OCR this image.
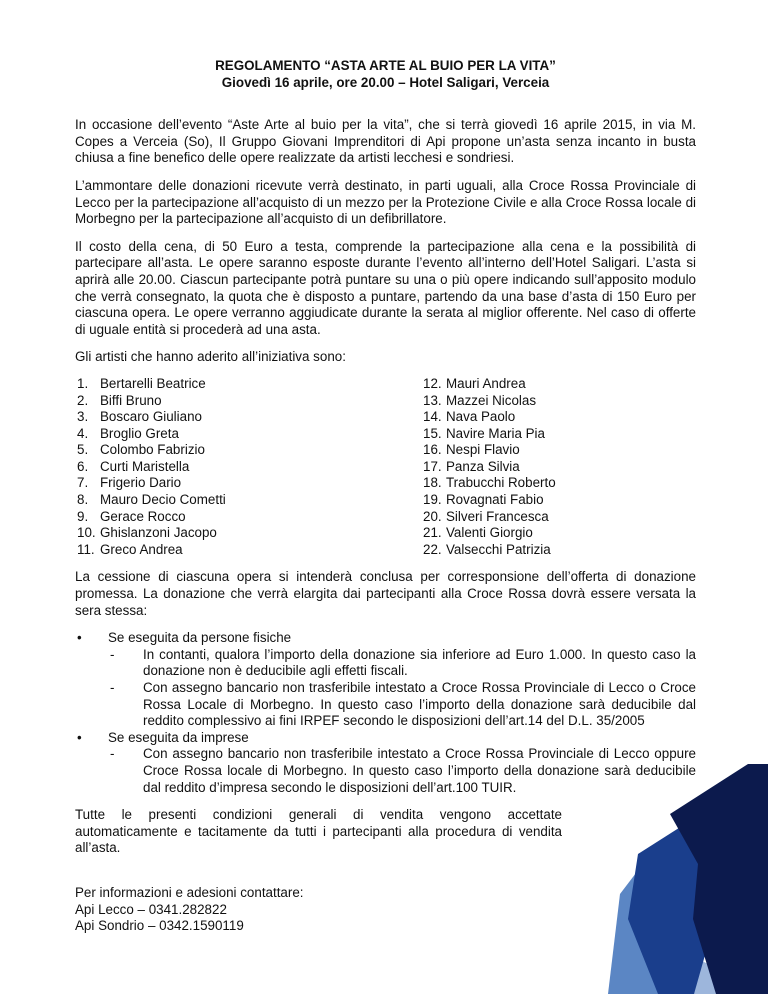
REGOLAMENTO “ASTA ARTE AL BUIO PER LA VITA”

Giovedì 16 aprile, ore 20.00 – Hotel Saligari, Verceia

In occasione dell’evento “Aste Arte al buio per la vita”, che si terrà giovedì 16 aprile 2015, in via M. Copes a Verceia (So), Il Gruppo Giovani Imprenditori di Api propone un’asta senza incanto in busta chiusa a fine benefico delle opere realizzate da artisti lecchesi e sondriesi.

L’ammontare delle donazioni ricevute verrà destinato, in parti uguali, alla Croce Rossa Provinciale di Lecco per la partecipazione all’acquisto di un mezzo per la Protezione Civile e alla Croce Rossa locale di Morbegno per la partecipazione all’acquisto di un defibrillatore.

Il costo della cena, di 50 Euro a testa, comprende la partecipazione alla cena e la possibilità di partecipare all’asta. Le opere saranno esposte durante l’evento all’interno dell’Hotel Saligari. L’asta si aprirà alle 20.00. Ciascun partecipante potrà puntare su una o più opere indicando sull’apposito modulo che verrà consegnato, la quota che è disposto a puntare, partendo da una base d’asta di 150 Euro per ciascuna opera. Le opere verranno aggiudicate durante la serata al miglior offerente. Nel caso di offerte di uguale entità si procederà ad una asta.

Gli artisti che hanno aderito all’iniziativa sono:

1. Bertarelli Beatrice
2. Biffi Bruno
3. Boscaro Giuliano
4. Broglio Greta
5. Colombo Fabrizio
6. Curti Maristella
7. Frigerio Dario
8. Mauro Decio Cometti
9. Gerace Rocco
10. Ghislanzoni Jacopo
11. Greco Andrea
12. Mauri Andrea
13. Mazzei Nicolas
14. Nava Paolo
15. Navire Maria Pia
16. Nespi Flavio
17. Panza Silvia
18. Trabucchi Roberto
19. Rovagnati Fabio
20. Silveri Francesca
21. Valenti Giorgio
22. Valsecchi Patrizia

La cessione di ciascuna opera si intenderà conclusa per corresponsione dell’offerta di donazione promessa. La donazione che verrà elargita dai partecipanti alla Croce Rossa dovrà essere versata la sera stessa:

• Se eseguita da persone fisiche
-	In contanti, qualora l’importo della donazione sia inferiore ad Euro 1.000. In questo caso la donazione non è deducibile agli effetti fiscali.
-	Con assegno bancario non trasferibile intestato a Croce Rossa Provinciale di Lecco o Croce Rossa Locale di Morbegno. In questo caso l’importo della donazione sarà deducibile dal reddito complessivo ai fini IRPEF secondo le disposizioni dell’art.14 del D.L. 35/2005
• Se eseguita da imprese
-	Con assegno bancario non trasferibile intestato a Croce Rossa Provinciale di Lecco oppure Croce Rossa locale di Morbegno. In questo caso l’importo della donazione sarà deducibile dal reddito d’impresa secondo le disposizioni dell’art.100 TUIR.

Tutte le presenti condizioni generali di vendita vengono accettate automaticamente e tacitamente da tutti i partecipanti alla procedura di vendita all’asta.

Per informazioni e adesioni contattare:
Api Lecco – 0341.282822
Api Sondrio – 0342.1590119
